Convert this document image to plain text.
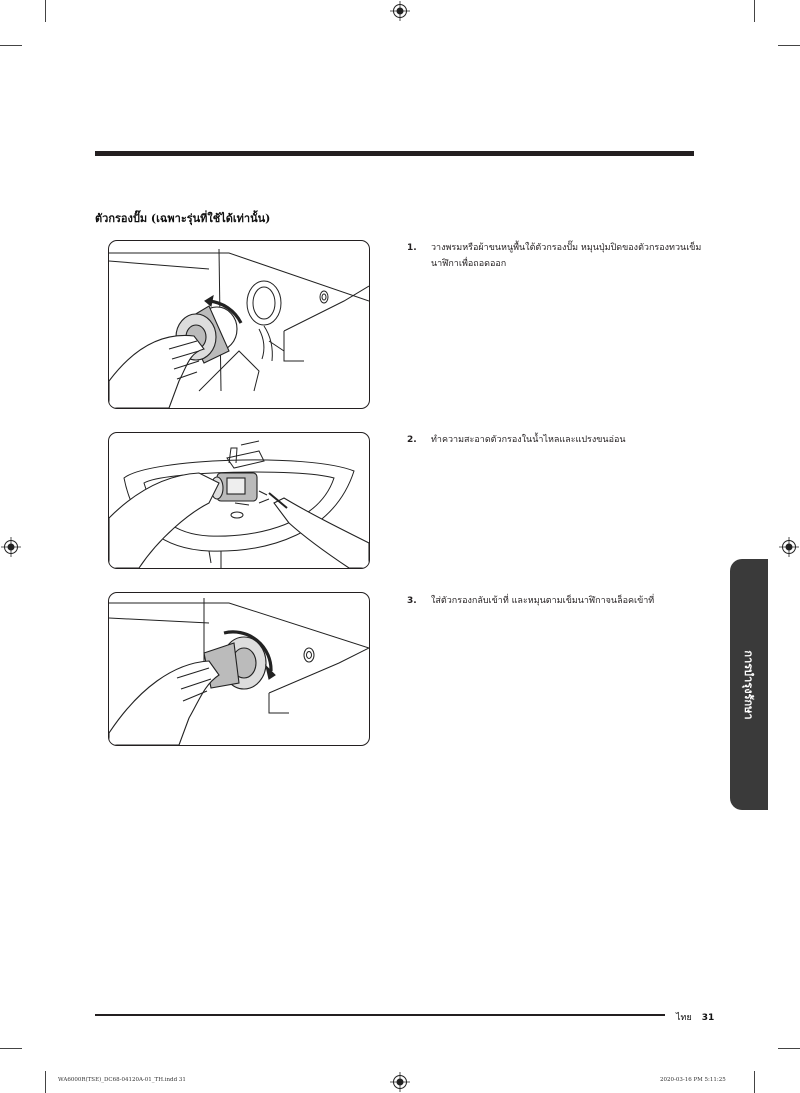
ตัวกรองปั๊ม (เฉพาะรุ่นที่ใช้ได้เท่านั้น)
1.	วางพรมหรือผ้าขนหนูพื้นใต้ตัวกรองปั๊ม หมุนปุ่มปิดของตัวกรองทวนเข็มนาฬิกาเพื่อถอดออก
2.	ทำความสะอาดตัวกรองในน้ำไหลและแปรงขนอ่อน
3.	ใส่ตัวกรองกลับเข้าที่ และหมุนตามเข็มนาฬิกาจนล็อคเข้าที่
การบำรุงรักษา
ไทย 31
WA6000R(TSE)_DC68-04120A-01_TH.indd 31	2020-03-16 PM 5:11:25
